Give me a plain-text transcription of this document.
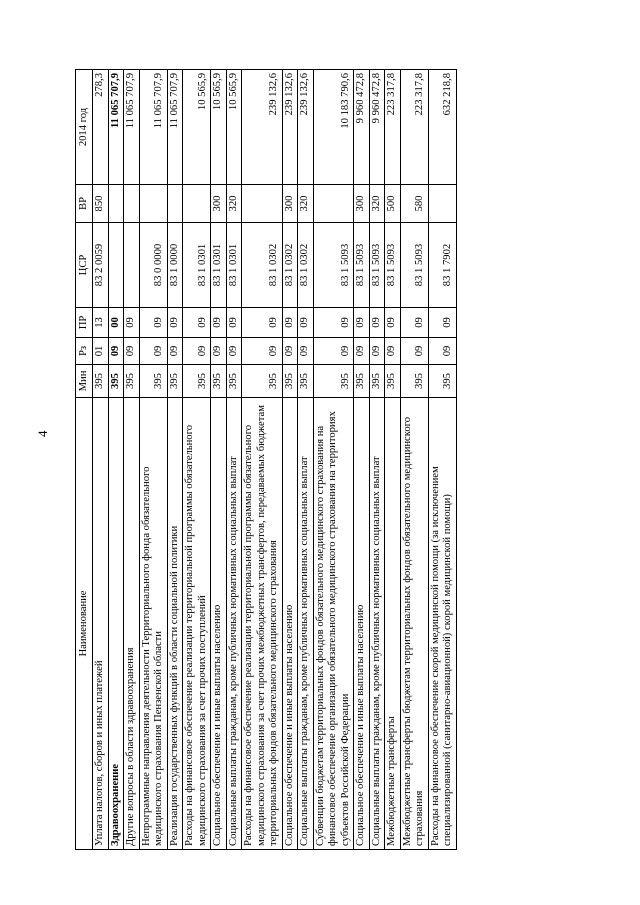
4
Наименование	Мин	Рз	ПР	ЦСР	ВР	2014 год
Уплата налогов, сборов и иных платежей	395	01	13	83 2 0059	850	278,3
Здравоохранение	395	09	00			11 065 707,9
Другие вопросы в области здравоохранения	395	09	09			11 065 707,9
Непрограммные направления деятельности Территориального фонда обязательного медицинского страхования Пензенской области	395	09	09	83 0 0000		11 065 707,9
Реализация государственных функций в области социальной политики	395	09	09	83 1 0000		11 065 707,9
Расходы на финансовое обеспечение реализации территориальной программы обязательного медицинского страхования за счет прочих поступлений	395	09	09	83 1 0301		10 565,9
Социальное обеспечение и иные выплаты населению	395	09	09	83 1 0301	300	10 565,9
Социальные выплаты гражданам, кроме публичных нормативных социальных выплат	395	09	09	83 1 0301	320	10 565,9
Расходы на финансовое обеспечение реализации территориальной программы обязательного медицинского страхования за счет прочих межбюджетных трансфертов, передаваемых бюджетам территориальных фондов обязательного медицинского страхования	395	09	09	83 1 0302		239 132,6
Социальное обеспечение и иные выплаты населению	395	09	09	83 1 0302	300	239 132,6
Социальные выплаты гражданам, кроме публичных нормативных социальных выплат	395	09	09	83 1 0302	320	239 132,6
Субвенции бюджетам территориальных фондов обязательного медицинского страхования на финансовое обеспечение организации обязательного медицинского страхования на территориях субъектов Российской Федерации	395	09	09	83 1 5093		10 183 790,6
Социальное обеспечение и иные выплаты населению	395	09	09	83 1 5093	300	9 960 472,8
Социальные выплаты гражданам, кроме публичных нормативных социальных выплат	395	09	09	83 1 5093	320	9 960 472,8
Межбюджетные трансферты	395	09	09	83 1 5093	500	223 317,8
Межбюджетные трансферты бюджетам территориальных фондов обязательного медицинского страхования	395	09	09	83 1 5093	580	223 317,8
Расходы на финансовое обеспечение скорой медицинской помощи (за исключением специализированной (санитарно-авиационной) скорой медицинской помощи)	395	09	09	83 1 7902		632 218,8
